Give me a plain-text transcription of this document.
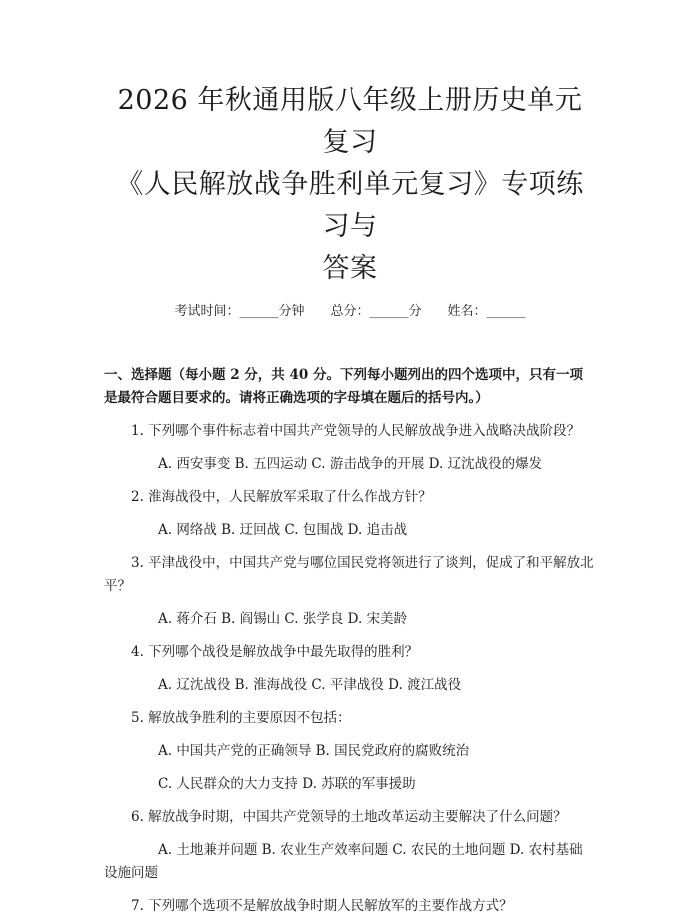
2026 年秋通用版八年级上册历史单元复习
《人民解放战争胜利单元复习》专项练习与
答案
考试时间：______分钟 总分：______分 姓名：______
一、选择题（每小题 2 分，共 40 分。下列每小题列出的四个选项中，只有一项是最符合题目要求的。请将正确选项的字母填在题后的括号内。）
1. 下列哪个事件标志着中国共产党领导的人民解放战争进入战略决战阶段？
A. 西安事变 B. 五四运动 C. 游击战争的开展 D. 辽沈战役的爆发
2. 淮海战役中，人民解放军采取了什么作战方针？
A. 网络战 B. 迂回战 C. 包围战 D. 追击战
3. 平津战役中，中国共产党与哪位国民党将领进行了谈判，促成了和平解放北平？
A. 蒋介石 B. 阎锡山 C. 张学良 D. 宋美龄
4. 下列哪个战役是解放战争中最先取得的胜利？
A. 辽沈战役 B. 淮海战役 C. 平津战役 D. 渡江战役
5. 解放战争胜利的主要原因不包括：
A. 中国共产党的正确领导 B. 国民党政府的腐败统治
C. 人民群众的大力支持 D. 苏联的军事援助
6. 解放战争时期，中国共产党领导的土地改革运动主要解决了什么问题？
A. 土地兼并问题 B. 农业生产效率问题 C. 农民的土地问题 D. 农村基础设施问题
7. 下列哪个选项不是解放战争时期人民解放军的主要作战方式？
